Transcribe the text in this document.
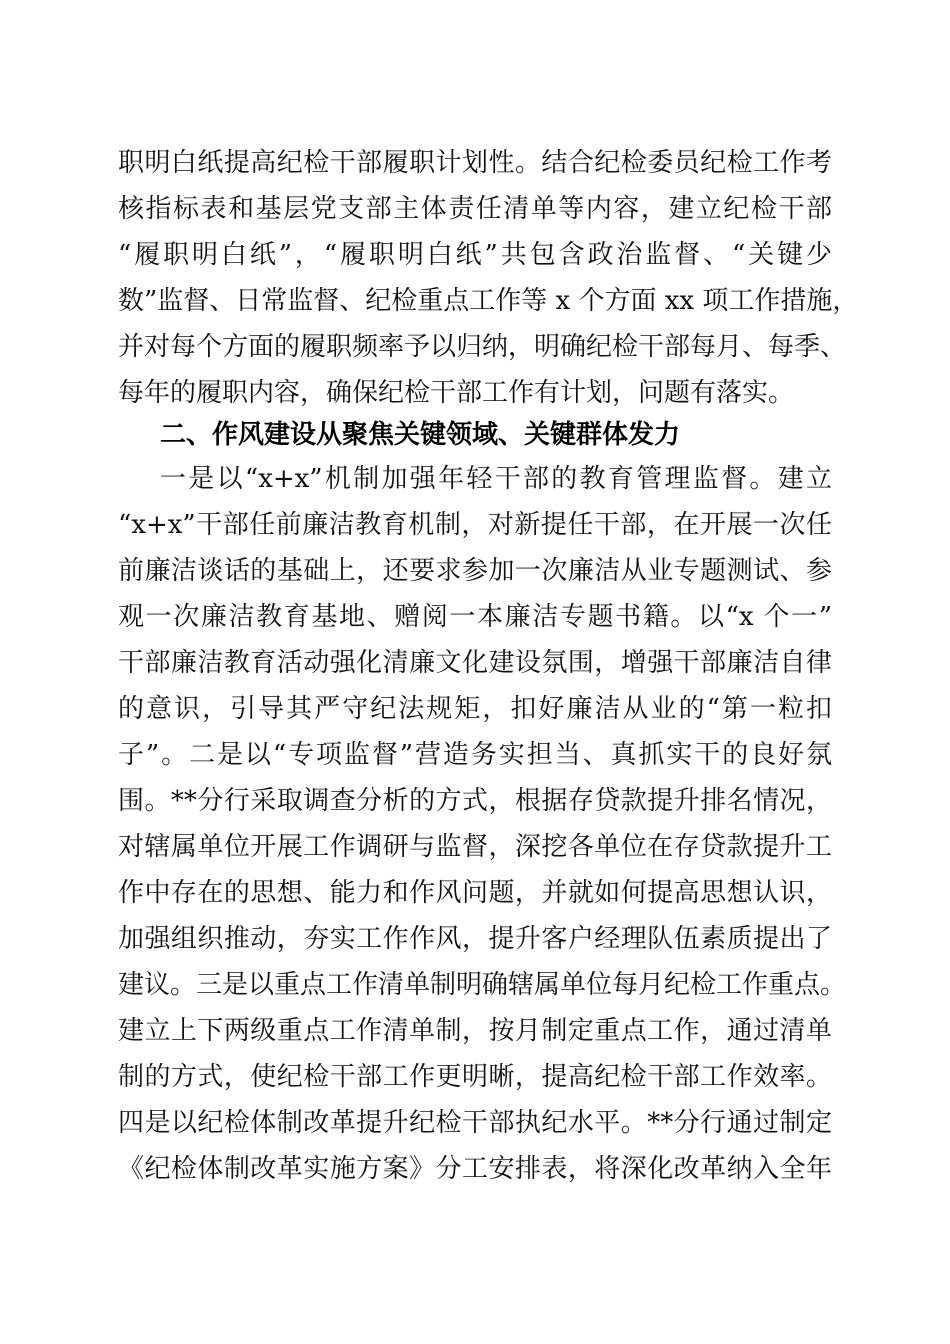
职明白纸提高纪检干部履职计划性。结合纪检委员纪检工作考
核指标表和基层党支部主体责任清单等内容，建立纪检干部
“履职明白纸”，“履职明白纸”共包含政治监督、“关键少
数”监督、日常监督、纪检重点工作等 x 个方面 xx 项工作措施，
并对每个方面的履职频率予以归纳，明确纪检干部每月、每季、
每年的履职内容，确保纪检干部工作有计划，问题有落实。
二、作风建设从聚焦关键领域、关键群体发力
一是以“x+x”机制加强年轻干部的教育管理监督。建立
“x+x”干部任前廉洁教育机制，对新提任干部，在开展一次任
前廉洁谈话的基础上，还要求参加一次廉洁从业专题测试、参
观一次廉洁教育基地、赠阅一本廉洁专题书籍。以“x 个一”
干部廉洁教育活动强化清廉文化建设氛围，增强干部廉洁自律
的意识，引导其严守纪法规矩，扣好廉洁从业的“第一粒扣
子”。二是以“专项监督”营造务实担当、真抓实干的良好氛
围。**分行采取调查分析的方式，根据存贷款提升排名情况，
对辖属单位开展工作调研与监督，深挖各单位在存贷款提升工
作中存在的思想、能力和作风问题，并就如何提高思想认识，
加强组织推动，夯实工作作风，提升客户经理队伍素质提出了
建议。三是以重点工作清单制明确辖属单位每月纪检工作重点。
建立上下两级重点工作清单制，按月制定重点工作，通过清单
制的方式，使纪检干部工作更明晰，提高纪检干部工作效率。
四是以纪检体制改革提升纪检干部执纪水平。**分行通过制定
《纪检体制改革实施方案》分工安排表，将深化改革纳入全年
